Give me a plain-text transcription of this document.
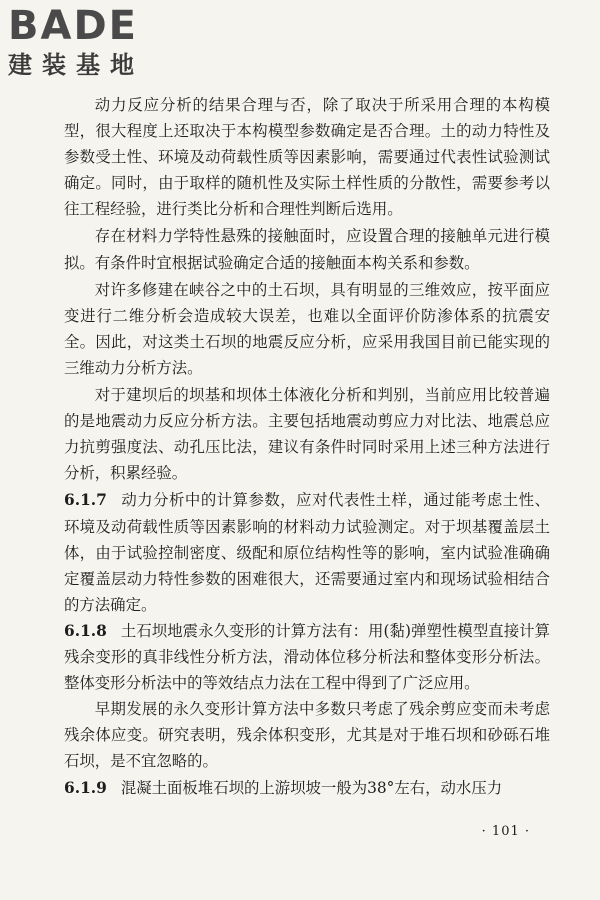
BADE
建装基地

动力反应分析的结果合理与否，除了取决于所采用合理的本构模型，很大程度上还取决于本构模型参数确定是否合理。土的动力特性及参数受土性、环境及动荷载性质等因素影响，需要通过代表性试验测试确定。同时，由于取样的随机性及实际土样性质的分散性，需要参考以往工程经验，进行类比分析和合理性判断后选用。

存在材料力学特性悬殊的接触面时，应设置合理的接触单元进行模拟。有条件时宜根据试验确定合适的接触面本构关系和参数。

对许多修建在峡谷之中的土石坝，具有明显的三维效应，按平面应变进行二维分析会造成较大误差，也难以全面评价防渗体系的抗震安全。因此，对这类土石坝的地震反应分析，应采用我国目前已能实现的三维动力分析方法。

对于建坝后的坝基和坝体土体液化分析和判别，当前应用比较普遍的是地震动力反应分析方法。主要包括地震动剪应力对比法、地震总应力抗剪强度法、动孔压比法，建议有条件时同时采用上述三种方法进行分析，积累经验。

6.1.7 动力分析中的计算参数，应对代表性土样，通过能考虑土性、环境及动荷载性质等因素影响的材料动力试验测定。对于坝基覆盖层土体，由于试验控制密度、级配和原位结构性等的影响，室内试验准确确定覆盖层动力特性参数的困难很大，还需要通过室内和现场试验相结合的方法确定。

6.1.8 土石坝地震永久变形的计算方法有：用(黏)弹塑性模型直接计算残余变形的真非线性分析方法，滑动体位移分析法和整体变形分析法。整体变形分析法中的等效结点力法在工程中得到了广泛应用。

早期发展的永久变形计算方法中多数只考虑了残余剪应变而未考虑残余体应变。研究表明，残余体积变形，尤其是对于堆石坝和砂砾石堆石坝，是不宜忽略的。

6.1.9 混凝土面板堆石坝的上游坝坡一般为38°左右，动水压力

· 101 ·
